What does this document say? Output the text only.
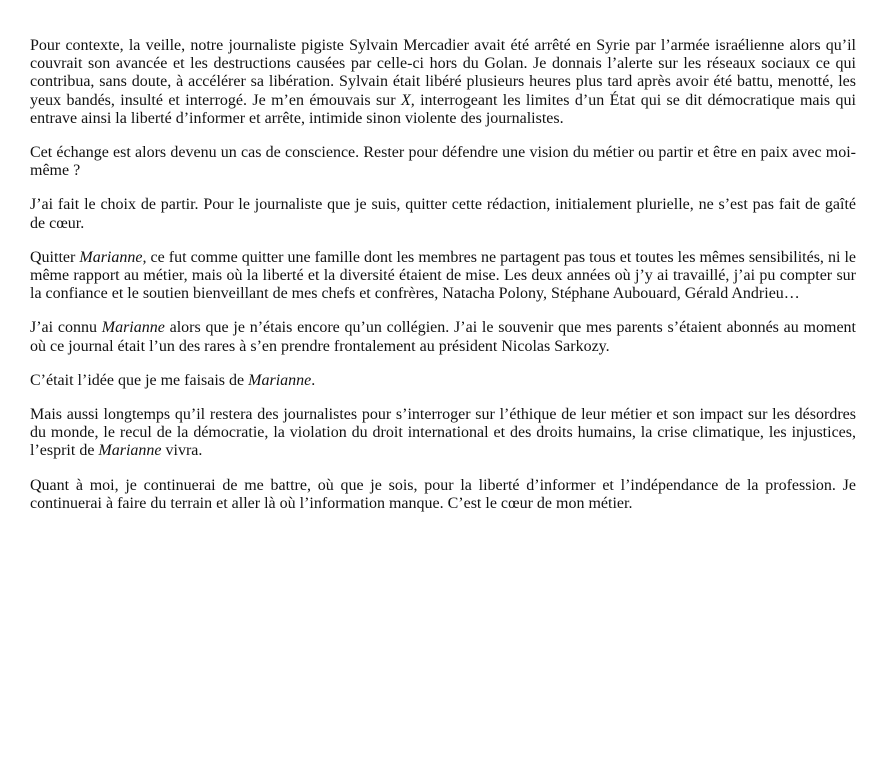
Pour contexte, la veille, notre journaliste pigiste Sylvain Mercadier avait été arrêté en Syrie par l’armée israélienne alors qu’il couvrait son avancée et les destructions causées par celle-ci hors du Golan. Je donnais l’alerte sur les réseaux sociaux ce qui contribua, sans doute, à accélérer sa libération. Sylvain était libéré plusieurs heures plus tard après avoir été battu, menotté, les yeux bandés, insulté et interrogé. Je m’en émouvais sur X, interrogeant les limites d’un État qui se dit démocratique mais qui entrave ainsi la liberté d’informer et arrête, intimide sinon violente des journalistes.

Cet échange est alors devenu un cas de conscience. Rester pour défendre une vision du métier ou partir et être en paix avec moi-même ?

J’ai fait le choix de partir. Pour le journaliste que je suis, quitter cette rédaction, initialement plurielle, ne s’est pas fait de gaîté de cœur.

Quitter Marianne, ce fut comme quitter une famille dont les membres ne partagent pas tous et toutes les mêmes sensibilités, ni le même rapport au métier, mais où la liberté et la diversité étaient de mise. Les deux années où j’y ai travaillé, j’ai pu compter sur la confiance et le soutien bienveillant de mes chefs et confrères, Natacha Polony, Stéphane Aubouard, Gérald Andrieu…

J’ai connu Marianne alors que je n’étais encore qu’un collégien. J’ai le souvenir que mes parents s’étaient abonnés au moment où ce journal était l’un des rares à s’en prendre frontalement au président Nicolas Sarkozy.

C’était l’idée que je me faisais de Marianne.

Mais aussi longtemps qu’il restera des journalistes pour s’interroger sur l’éthique de leur métier et son impact sur les désordres du monde, le recul de la démocratie, la violation du droit international et des droits humains, la crise climatique, les injustices, l’esprit de Marianne vivra.

Quant à moi, je continuerai de me battre, où que je sois, pour la liberté d’informer et l’indépendance de la profession. Je continuerai à faire du terrain et aller là où l’information manque. C’est le cœur de mon métier.
